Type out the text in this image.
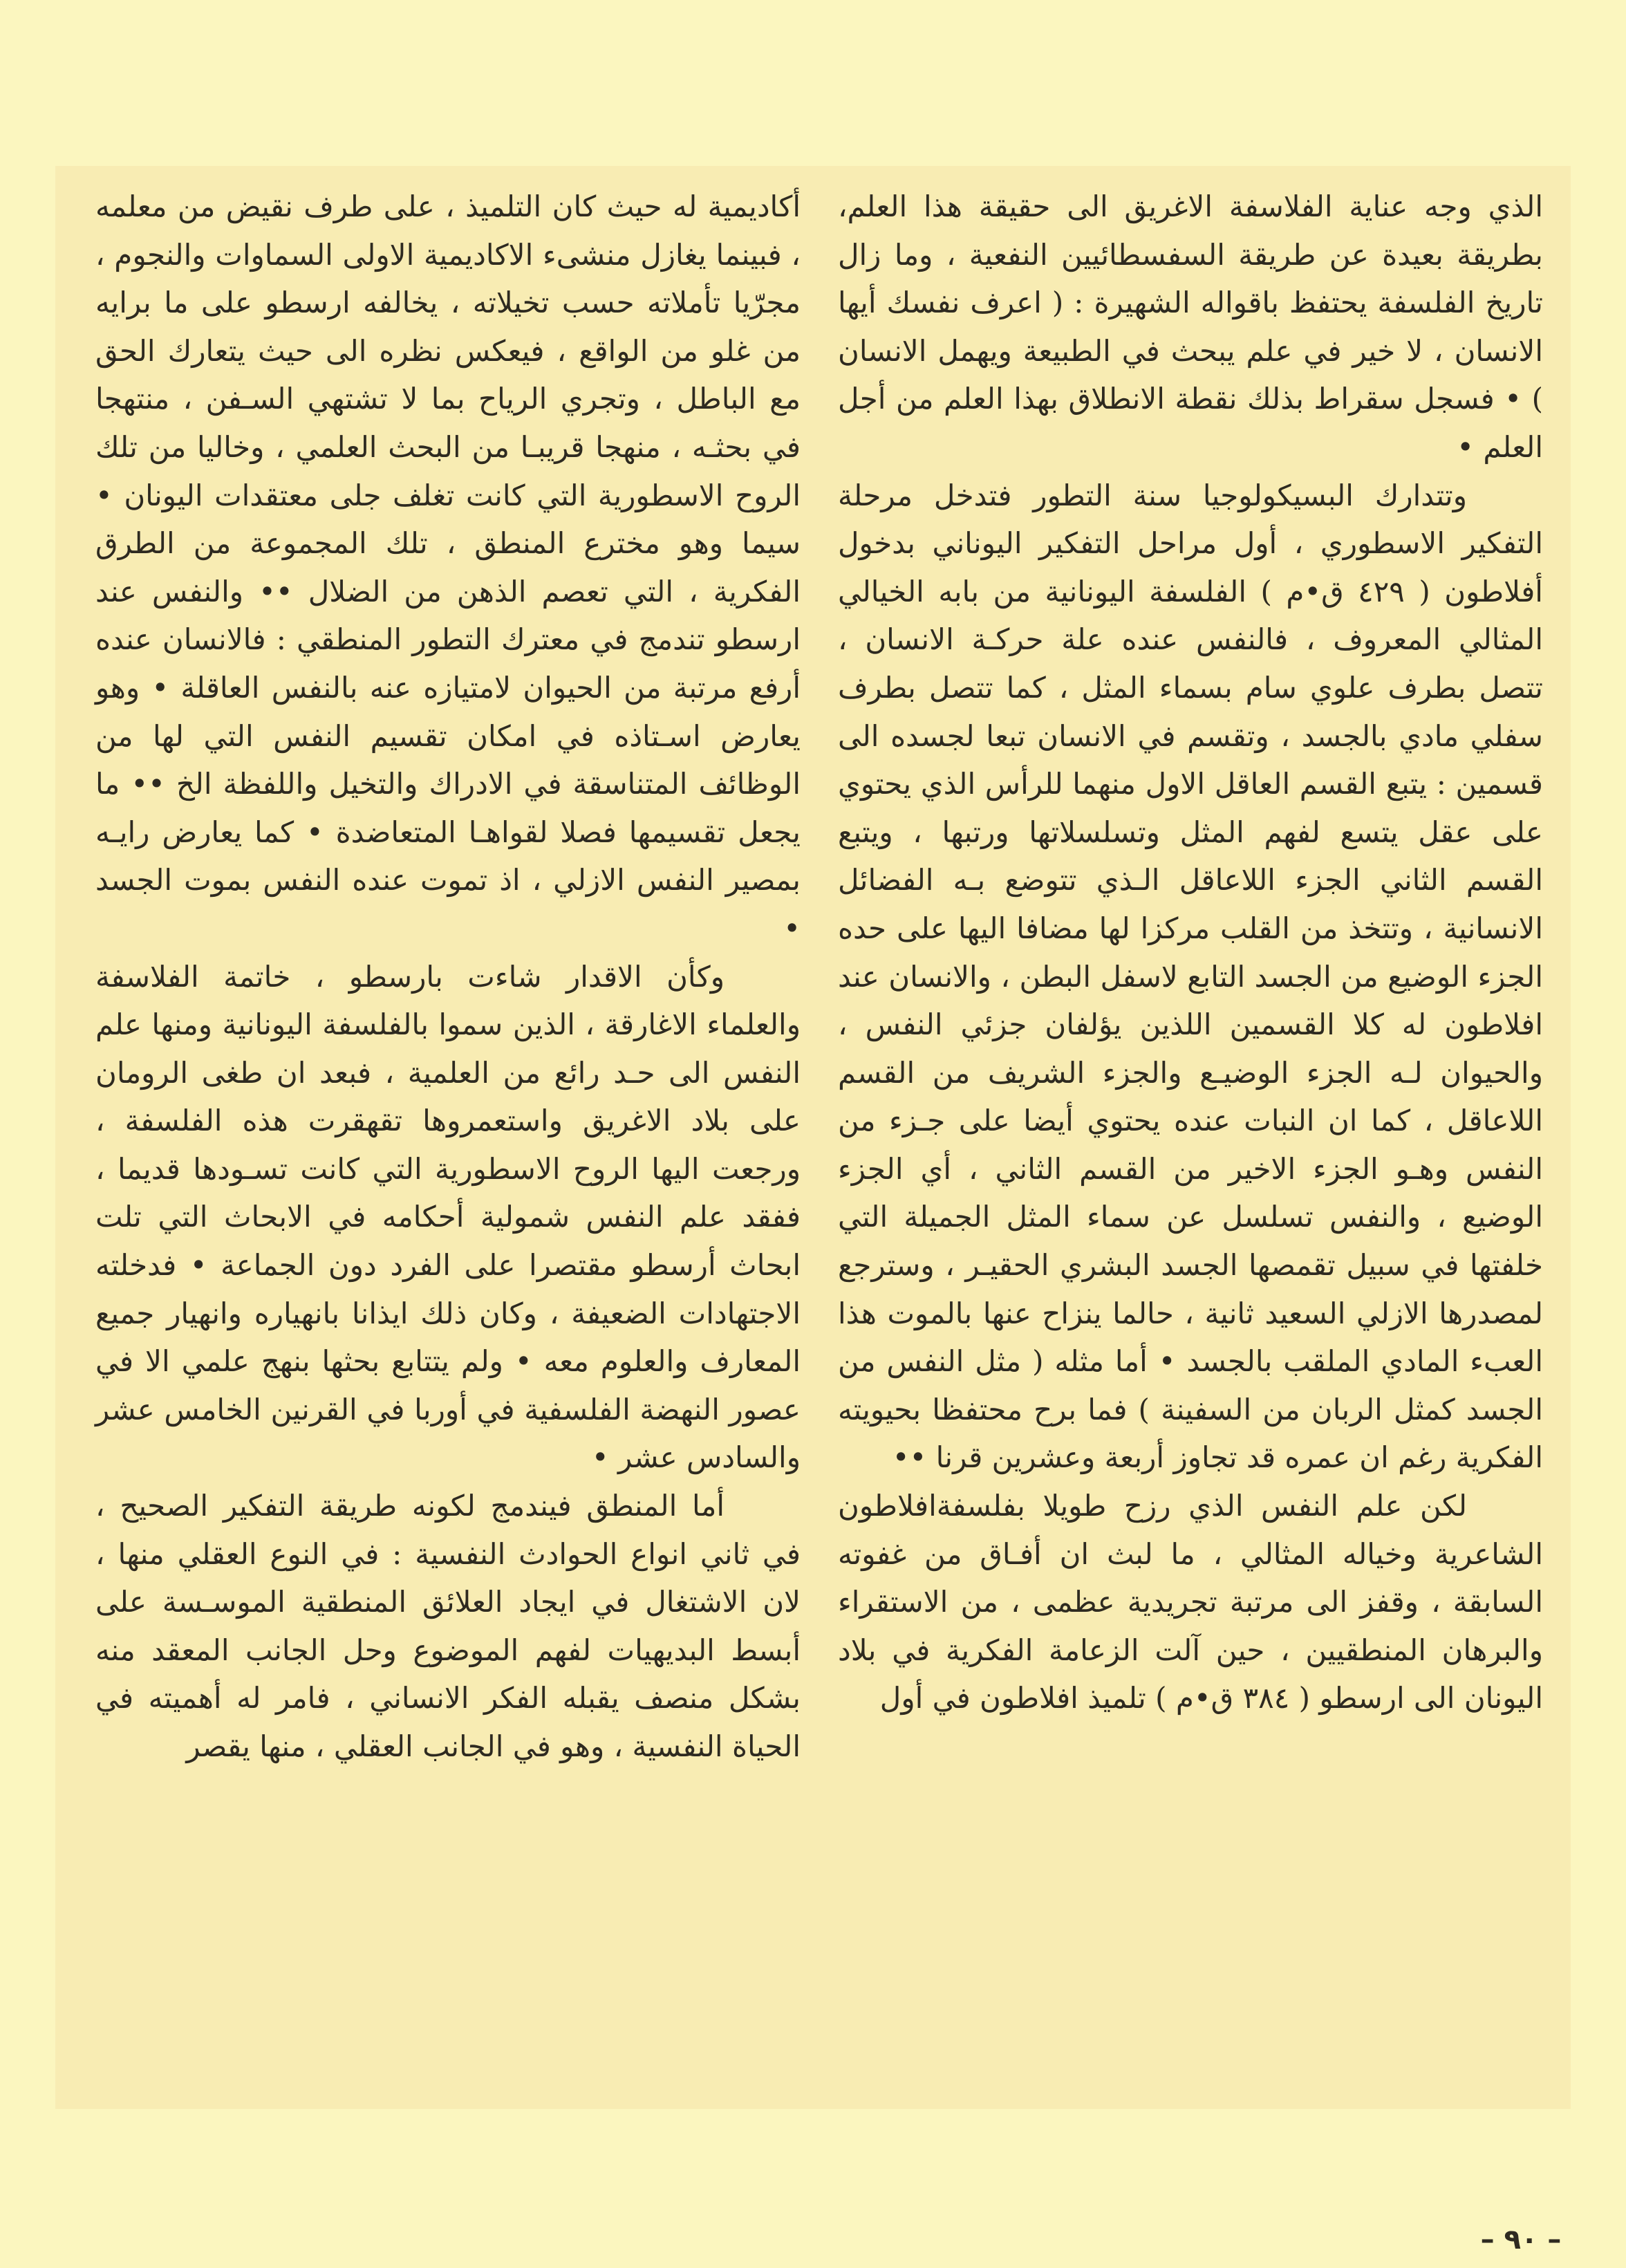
الذي وجه عناية الفلاسفة الاغريق الى حقيقة هذا العلم، بطريقة بعيدة عن طريقة السفسطائيين النفعية ، وما زال تاريخ الفلسفة يحتفظ باقواله الشهيرة : ( اعرف نفسك أيها الانسان ، لا خير في علم يبحث في الطبيعة ويهمل الانسان ) • فسجل سقراط بذلك نقطة الانطلاق بهذا العلم من أجل العلم •

وتتدارك البسيكولوجيا سنة التطور فتدخل مرحلة التفكير الاسطوري ، أول مراحل التفكير اليوناني بدخول أفلاطون ( ٤٢٩ ق•م ) الفلسفة اليونانية من بابه الخيالي المثالي المعروف ، فالنفس عنده علة حركـة الانسان ، تتصل بطرف علوي سام بسماء المثل ، كما تتصل بطرف سفلي مادي بالجسد ، وتقسم في الانسان تبعا لجسده الى قسمين : يتبع القسم العاقل الاول منهما للرأس الذي يحتوي على عقل يتسع لفهم المثل وتسلسلاتها ورتبها ، ويتبع القسم الثاني الجزء اللاعاقل الـذي تتوضع بـه الفضائل الانسانية ، وتتخذ من القلب مركزا لها مضافا اليها على حده الجزء الوضيع من الجسد التابع لاسفل البطن ، والانسان عند افلاطون له كلا القسمين اللذين يؤلفان جزئي النفس ، والحيوان لـه الجزء الوضيـع والجزء الشريف من القسم اللاعاقل ، كما ان النبات عنده يحتوي أيضا على جـزء من النفس وهـو الجزء الاخير من القسم الثاني ، أي الجزء الوضيع ، والنفس تسلسل عن سماء المثل الجميلة التي خلفتها في سبيل تقمصها الجسد البشري الحقيـر ، وسترجع لمصدرها الازلي السعيد ثانية ، حالما ينزاح عنها بالموت هذا العبء المادي الملقب بالجسد • أما مثله ( مثل النفس من الجسد كمثل الربان من السفينة ) فما برح محتفظا بحيويته الفكرية رغم ان عمره قد تجاوز أربعة وعشرين قرنا ••

لكن علم النفس الذي رزح طويلا بفلسفةافلاطون الشاعرية وخياله المثالي ، ما لبث ان أفـاق من غفوته السابقة ، وقفز الى مرتبة تجريدية عظمى ، من الاستقراء والبرهان المنطقيين ، حين آلت الزعامة الفكرية في بلاد اليونان الى ارسطو ( ٣٨٤ ق•م ) تلميذ افلاطون في أول

أكاديمية له حيث كان التلميذ ، على طرف نقيض من معلمه ، فبينما يغازل منشىء الاكاديمية الاولى السماوات والنجوم ، مجرّيا تأملاته حسب تخيلاته ، يخالفه ارسطو على ما برايه من غلو من الواقع ، فيعكس نظره الى حيث يتعارك الحق مع الباطل ، وتجري الرياح بما لا تشتهي السـفن ، منتهجا في بحثـه ، منهجا قريبـا من البحث العلمي ، وخاليا من تلك الروح الاسطورية التي كانت تغلف جلى معتقدات اليونان • سيما وهو مخترع المنطق ، تلك المجموعة من الطرق الفكرية ، التي تعصم الذهن من الضلال •• والنفس عند ارسطو تندمج في معترك التطور المنطقي : فالانسان عنده أرفع مرتبة من الحيوان لامتيازه عنه بالنفس العاقلة • وهو يعارض اسـتاذه في امكان تقسيم النفس التي لها من الوظائف المتناسقة في الادراك والتخيل واللفظة الخ •• ما يجعل تقسيمها فصلا لقواهـا المتعاضدة • كما يعارض رايـه بمصير النفس الازلي ، اذ تموت عنده النفس بموت الجسد •

وكأن الاقدار شاءت بارسطو ، خاتمة الفلاسفة والعلماء الاغارقة ، الذين سموا بالفلسفة اليونانية ومنها علم النفس الى حـد رائع من العلمية ، فبعد ان طغى الرومان على بلاد الاغريق واستعمروها تقهقرت هذه الفلسفة ، ورجعت اليها الروح الاسطورية التي كانت تسـودها قديما ، ففقد علم النفس شمولية أحكامه في الابحاث التي تلت ابحاث أرسطو مقتصرا على الفرد دون الجماعة • فدخلته الاجتهادات الضعيفة ، وكان ذلك ايذانا بانهياره وانهيار جميع المعارف والعلوم معه • ولم يتتابع بحثها بنهج علمي الا في عصور النهضة الفلسفية في أوربا في القرنين الخامس عشر والسادس عشر •

أما المنطق فيندمج لكونه طريقة التفكير الصحيح ، في ثاني انواع الحوادث النفسية : في النوع العقلي منها ، لان الاشتغال في ايجاد العلائق المنطقية الموسـسة على أبسط البديهيات لفهم الموضوع وحل الجانب المعقد منه بشكل منصف يقبله الفكر الانساني ، فامر له أهميته في الحياة النفسية ، وهو في الجانب العقلي ، منها يقصر

– ٩٠ –
